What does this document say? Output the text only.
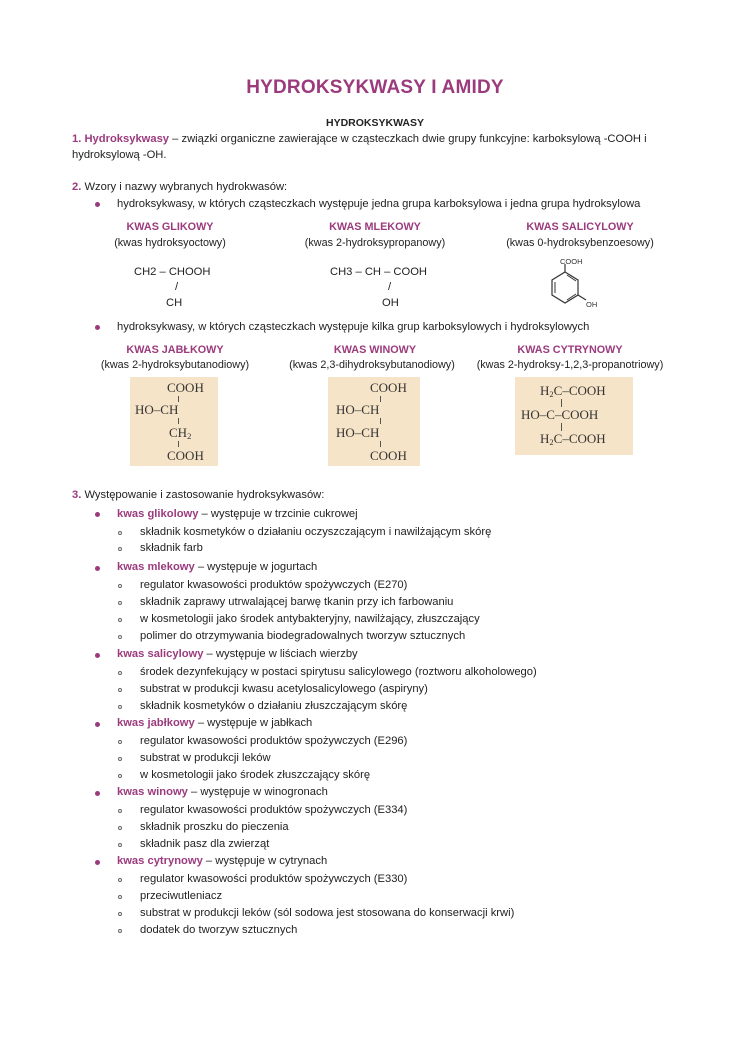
HYDROKSYKWASY I AMIDY
HYDROKSYKWASY
1. Hydroksykwasy – związki organiczne zawierające w cząsteczkach dwie grupy funkcyjne: karboksylową -COOH i
hydroksylową -OH.
2. Wzory i nazwy wybranych hydrokwasów:
hydroksykwasy, w których cząsteczkach występuje jedna grupa karboksylowa i jedna grupa hydroksylowa
KWAS GLIKOWY
(kwas hydroksyoctowy)
KWAS MLEKOWY
(kwas 2-hydroksypropanowy)
KWAS SALICYLOWY
(kwas 0-hydroksybenzoesowy)
CH2 – CHOOH
/
CH
CH3 – CH – COOH
/
OH
COOH
OH
hydroksykwasy, w których cząsteczkach występuje kilka grup karboksylowych i hydroksylowych
KWAS JABŁKOWY
(kwas 2-hydroksybutanodiowy)
KWAS WINOWY
(kwas 2,3-dihydroksybutanodiowy)
KWAS CYTRYNOWY
(kwas 2-hydroksy-1,2,3-propanotriowy)
COOH
HO–CH
CH2
COOH
COOH
HO–CH
HO–CH
COOH
H2C–COOH
HO–C–COOH
H2C–COOH
3. Występowanie i zastosowanie hydroksykwasów:
kwas glikolowy – występuje w trzcinie cukrowej
składnik kosmetyków o działaniu oczyszczającym i nawilżającym skórę
składnik farb
kwas mlekowy – występuje w jogurtach
regulator kwasowości produktów spożywczych (E270)
składnik zaprawy utrwalającej barwę tkanin przy ich farbowaniu
w kosmetologii jako środek antybakteryjny, nawilżający, złuszczający
polimer do otrzymywania biodegradowalnych tworzyw sztucznych
kwas salicylowy – występuje w liściach wierzby
środek dezynfekujący w postaci spirytusu salicylowego (roztworu alkoholowego)
substrat w produkcji kwasu acetylosalicylowego (aspiryny)
składnik kosmetyków o działaniu złuszczającym skórę
kwas jabłkowy – występuje w jabłkach
regulator kwasowości produktów spożywczych (E296)
substrat w produkcji leków
w kosmetologii jako środek złuszczający skórę
kwas winowy – występuje w winogronach
regulator kwasowości produktów spożywczych (E334)
składnik proszku do pieczenia
składnik pasz dla zwierząt
kwas cytrynowy – występuje w cytrynach
regulator kwasowości produktów spożywczych (E330)
przeciwutleniacz
substrat w produkcji leków (sól sodowa jest stosowana do konserwacji krwi)
dodatek do tworzyw sztucznych
